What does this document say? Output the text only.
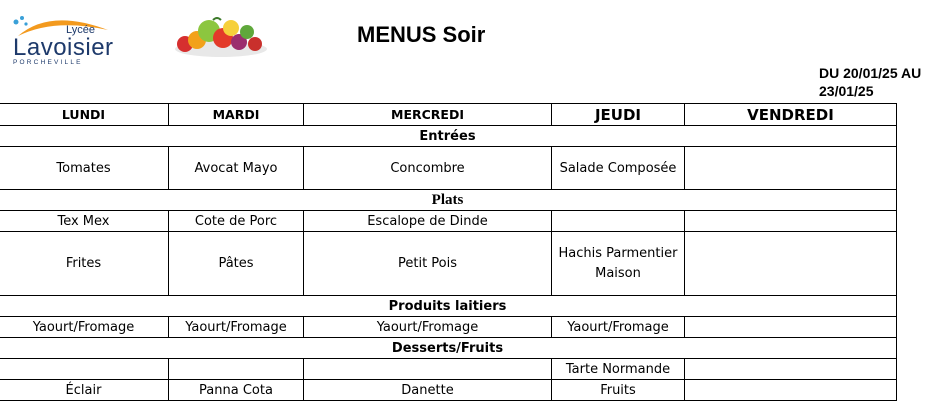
Lycée
Lavoisier
PORCHEVILLE
MENUS Soir
DU 20/01/25 AU
23/01/25
LUNDI	MARDI	MERCREDI	JEUDI	VENDREDI
Entrées				
Tomates	Avocat Mayo	Concombre	Salade Composée	
Plats				
Tex Mex	Cote de Porc	Escalope de Dinde		
Frites	Pâtes	Petit Pois	Hachis Parmentier Maison	
Produits laitiers				
Yaourt/Fromage	Yaourt/Fromage	Yaourt/Fromage	Yaourt/Fromage	
Desserts/Fruits				
			Tarte Normande	
Éclair	Panna Cota	Danette	Fruits	
